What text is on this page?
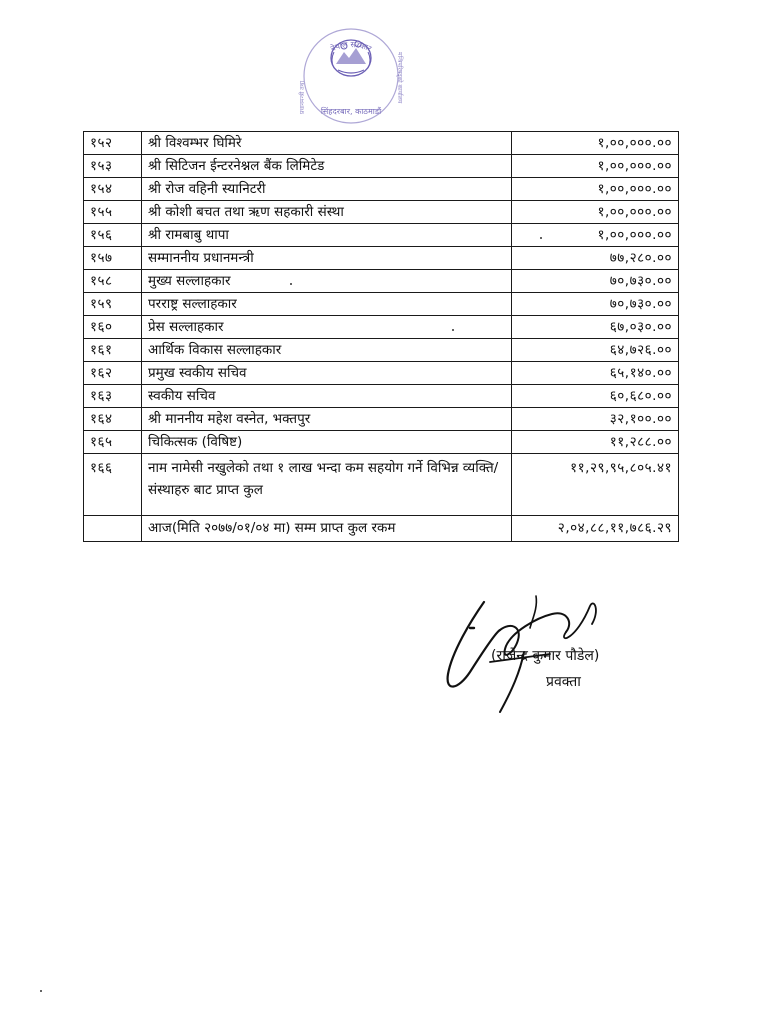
नेपाल सरकार
प्रधानमन्त्री तथा	मन्त्रिपरिषद्‌को कार्यालय
सिंहदरबार, काठमाडौं
१५२	श्री विश्वम्भर घिमिरे	१,००,०००.००
१५३	श्री सिटिजन ईन्टरनेश्नल बैंक लिमिटेड	१,००,०००.००
१५४	श्री रोज वहिनी स्यानिटरी	१,००,०००.००
१५५	श्री कोशी बचत तथा ऋण सहकारी संस्था	१,००,०००.००
१५६	श्री रामबाबु थापा	१,००,०००.००
१५७	सम्माननीय प्रधानमन्त्री	७७,२८०.००
१५८	मुख्य सल्लाहकार	७०,७३०.००
१५९	परराष्ट्र सल्लाहकार	७०,७३०.००
१६०	प्रेस सल्लाहकार	६७,०३०.००
१६१	आर्थिक विकास सल्लाहकार	६४,७२६.००
१६२	प्रमुख स्वकीय सचिव	६५,१४०.००
१६३	स्वकीय सचिव	६०,६८०.००
१६४	श्री माननीय महेश वस्नेत, भक्तपुर	३२,१००.००
१६५	चिकित्सक (विषिष्ट)	११,२८८.००
१६६	नाम नामेसी नखुलेको तथा १ लाख भन्दा कम सहयोग गर्ने विभिन्न व्यक्ति/संस्थाहरु बाट प्राप्त कुल	११,२९,९५,८०५.४१
	आज(मिति २०७७/०१/०४ मा) सम्म प्राप्त कुल रकम	२,०४,८८,११,७८६.२९
(राजेन्द्र कुमार पौडेल)
प्रवक्ता
